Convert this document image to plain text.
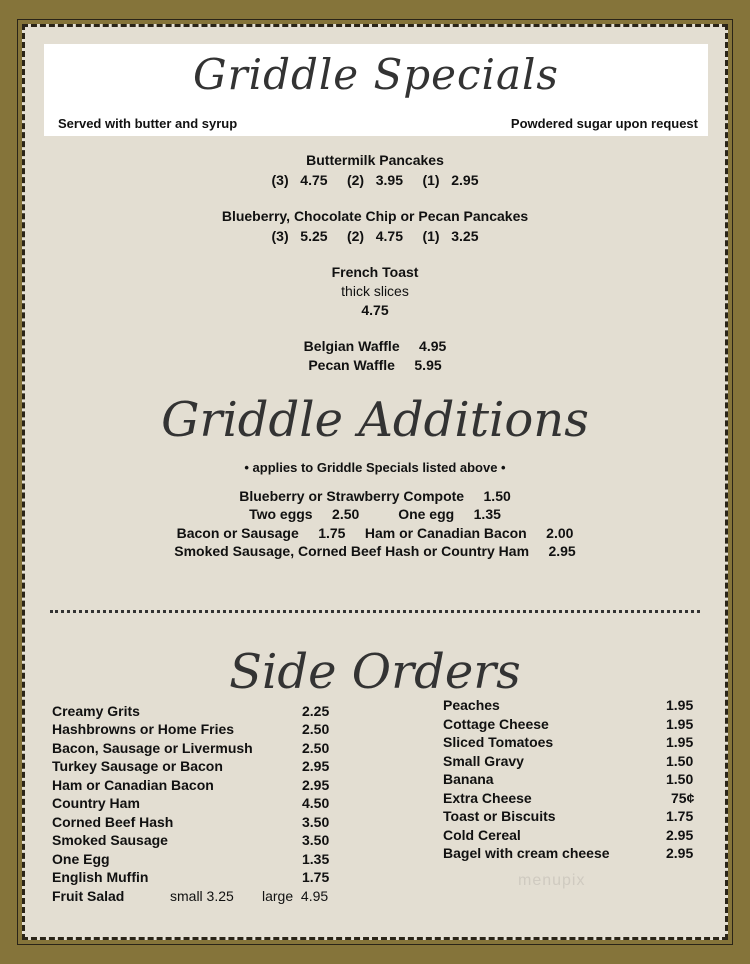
Griddle Specials
Served with butter and syrup	Powdered sugar upon request
Buttermilk Pancakes
(3)   4.75     (2)   3.95     (1)   2.95
Blueberry, Chocolate Chip or Pecan Pancakes
(3)   5.25     (2)   4.75     (1)   3.25
French Toast
thick slices
4.75
Belgian Waffle     4.95
Pecan Waffle     5.95
Griddle Additions
• applies to Griddle Specials listed above •
Blueberry or Strawberry Compote     1.50
Two eggs     2.50          One egg     1.35
Bacon or Sausage     1.75     Ham or Canadian Bacon     2.00
Smoked Sausage, Corned Beef Hash or Country Ham     2.95
Side Orders
Creamy Grits	2.25
Hashbrowns or Home Fries	2.50
Bacon, Sausage or Livermush	2.50
Turkey Sausage or Bacon	2.95
Ham or Canadian Bacon	2.95
Country Ham	4.50
Corned Beef Hash	3.50
Smoked Sausage	3.50
One Egg	1.35
English Muffin	1.75
Fruit Salad	small 3.25 large  4.95
Peaches	1.95
Cottage Cheese	1.95
Sliced Tomatoes	1.95
Small Gravy	1.50
Banana	1.50
Extra Cheese	75¢
Toast or Biscuits	1.75
Cold Cereal	2.95
Bagel with cream cheese	2.95
menupix
